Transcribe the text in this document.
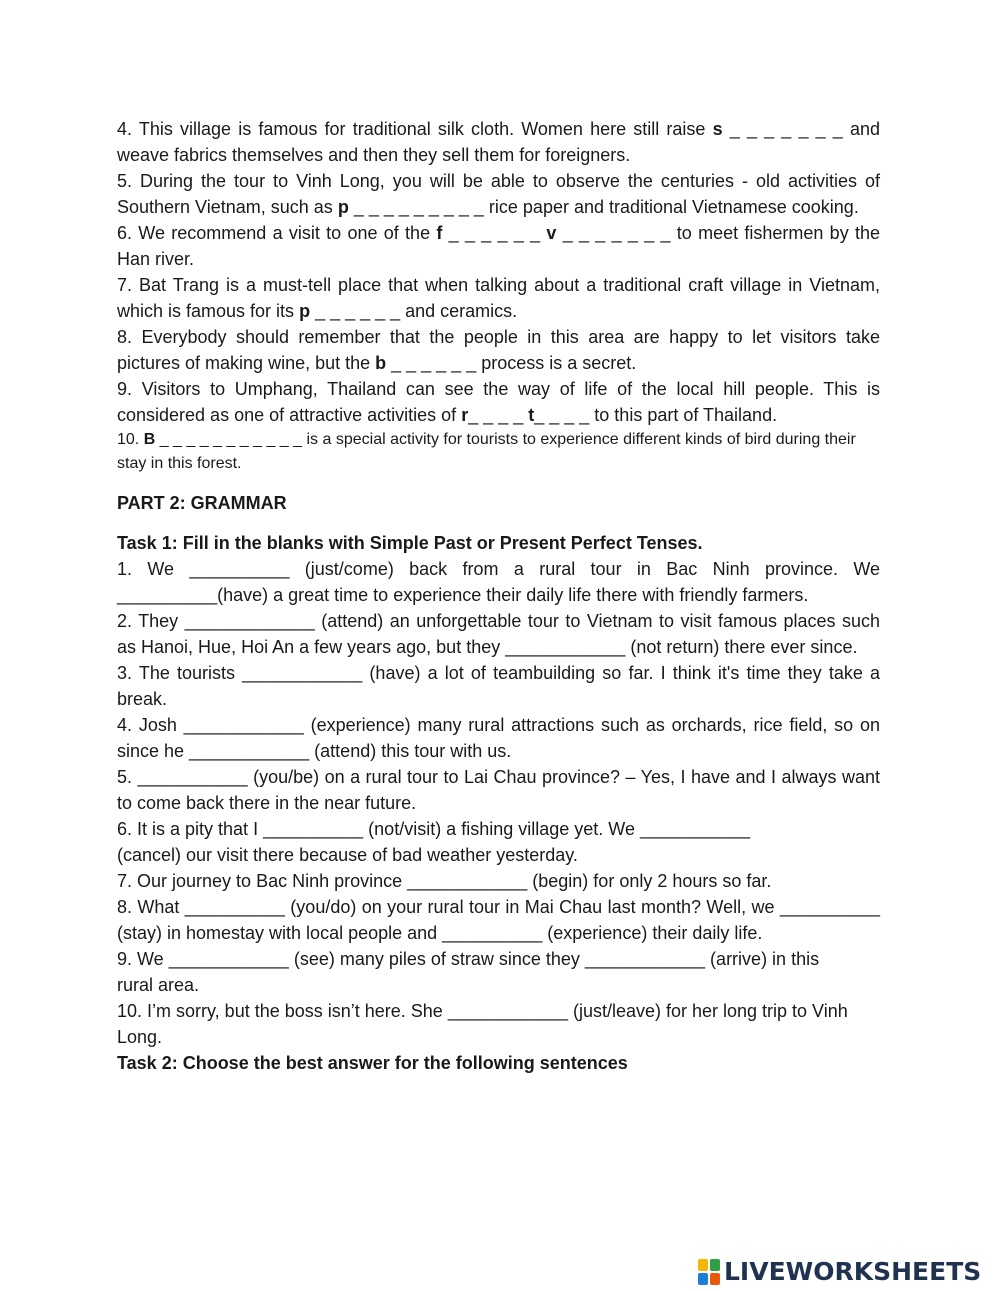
4. This village is famous for traditional silk cloth. Women here still raise s _ _ _ _ _ _ _ and weave fabrics themselves and then they sell them for foreigners.

5. During the tour to Vinh Long, you will be able to observe the centuries - old activities of Southern Vietnam, such as p _ _ _ _ _ _ _ _ _ rice paper and traditional Vietnamese cooking.

6. We recommend a visit to one of the f _ _ _ _ _ _ v _ _ _ _ _ _ _ to meet fishermen by the Han river.

7. Bat Trang is a must-tell place that when talking about a traditional craft village in Vietnam, which is famous for its p _ _ _ _ _ _ and ceramics.

8. Everybody should remember that the people in this area are happy to let visitors take pictures of making wine, but the b _ _ _ _ _ _ process is a secret.

9. Visitors to Umphang, Thailand can see the way of life of the local hill people. This is considered as one of attractive activities of r_ _ _ _ t_ _ _ _ to this part of Thailand.

10. B _ _ _ _ _ _ _ _ _ _ _ is a special activity for tourists to experience different kinds of bird during their stay in this forest.

PART 2: GRAMMAR

Task 1: Fill in the blanks with Simple Past or Present Perfect Tenses.

1. We __________ (just/come) back from a rural tour in Bac Ninh province. We __________(have) a great time to experience their daily life there with friendly farmers.

2. They _____________ (attend) an unforgettable tour to Vietnam to visit famous places such as Hanoi, Hue, Hoi An a few years ago, but they ____________ (not return) there ever since.

3. The tourists ____________ (have) a lot of teambuilding so far. I think it's time they take a break.

4. Josh ____________ (experience) many rural attractions such as orchards, rice field, so on since he ____________ (attend) this tour with us.

5. ___________ (you/be) on a rural tour to Lai Chau province? – Yes, I have and I always want to come back there in the near future.

6. It is a pity that I __________ (not/visit) a fishing village yet. We ___________ (cancel) our visit there because of bad weather yesterday.

7. Our journey to Bac Ninh province ____________ (begin) for only 2 hours so far.

8. What __________ (you/do) on your rural tour in Mai Chau last month? Well, we __________ (stay) in homestay with local people and __________ (experience) their daily life.

9. We ____________ (see) many piles of straw since they ____________ (arrive) in this rural area.

10. I’m sorry, but the boss isn’t here. She ____________ (just/leave) for her long trip to Vinh Long.

Task 2: Choose the best answer for the following sentences

LIVEWORKSHEETS
